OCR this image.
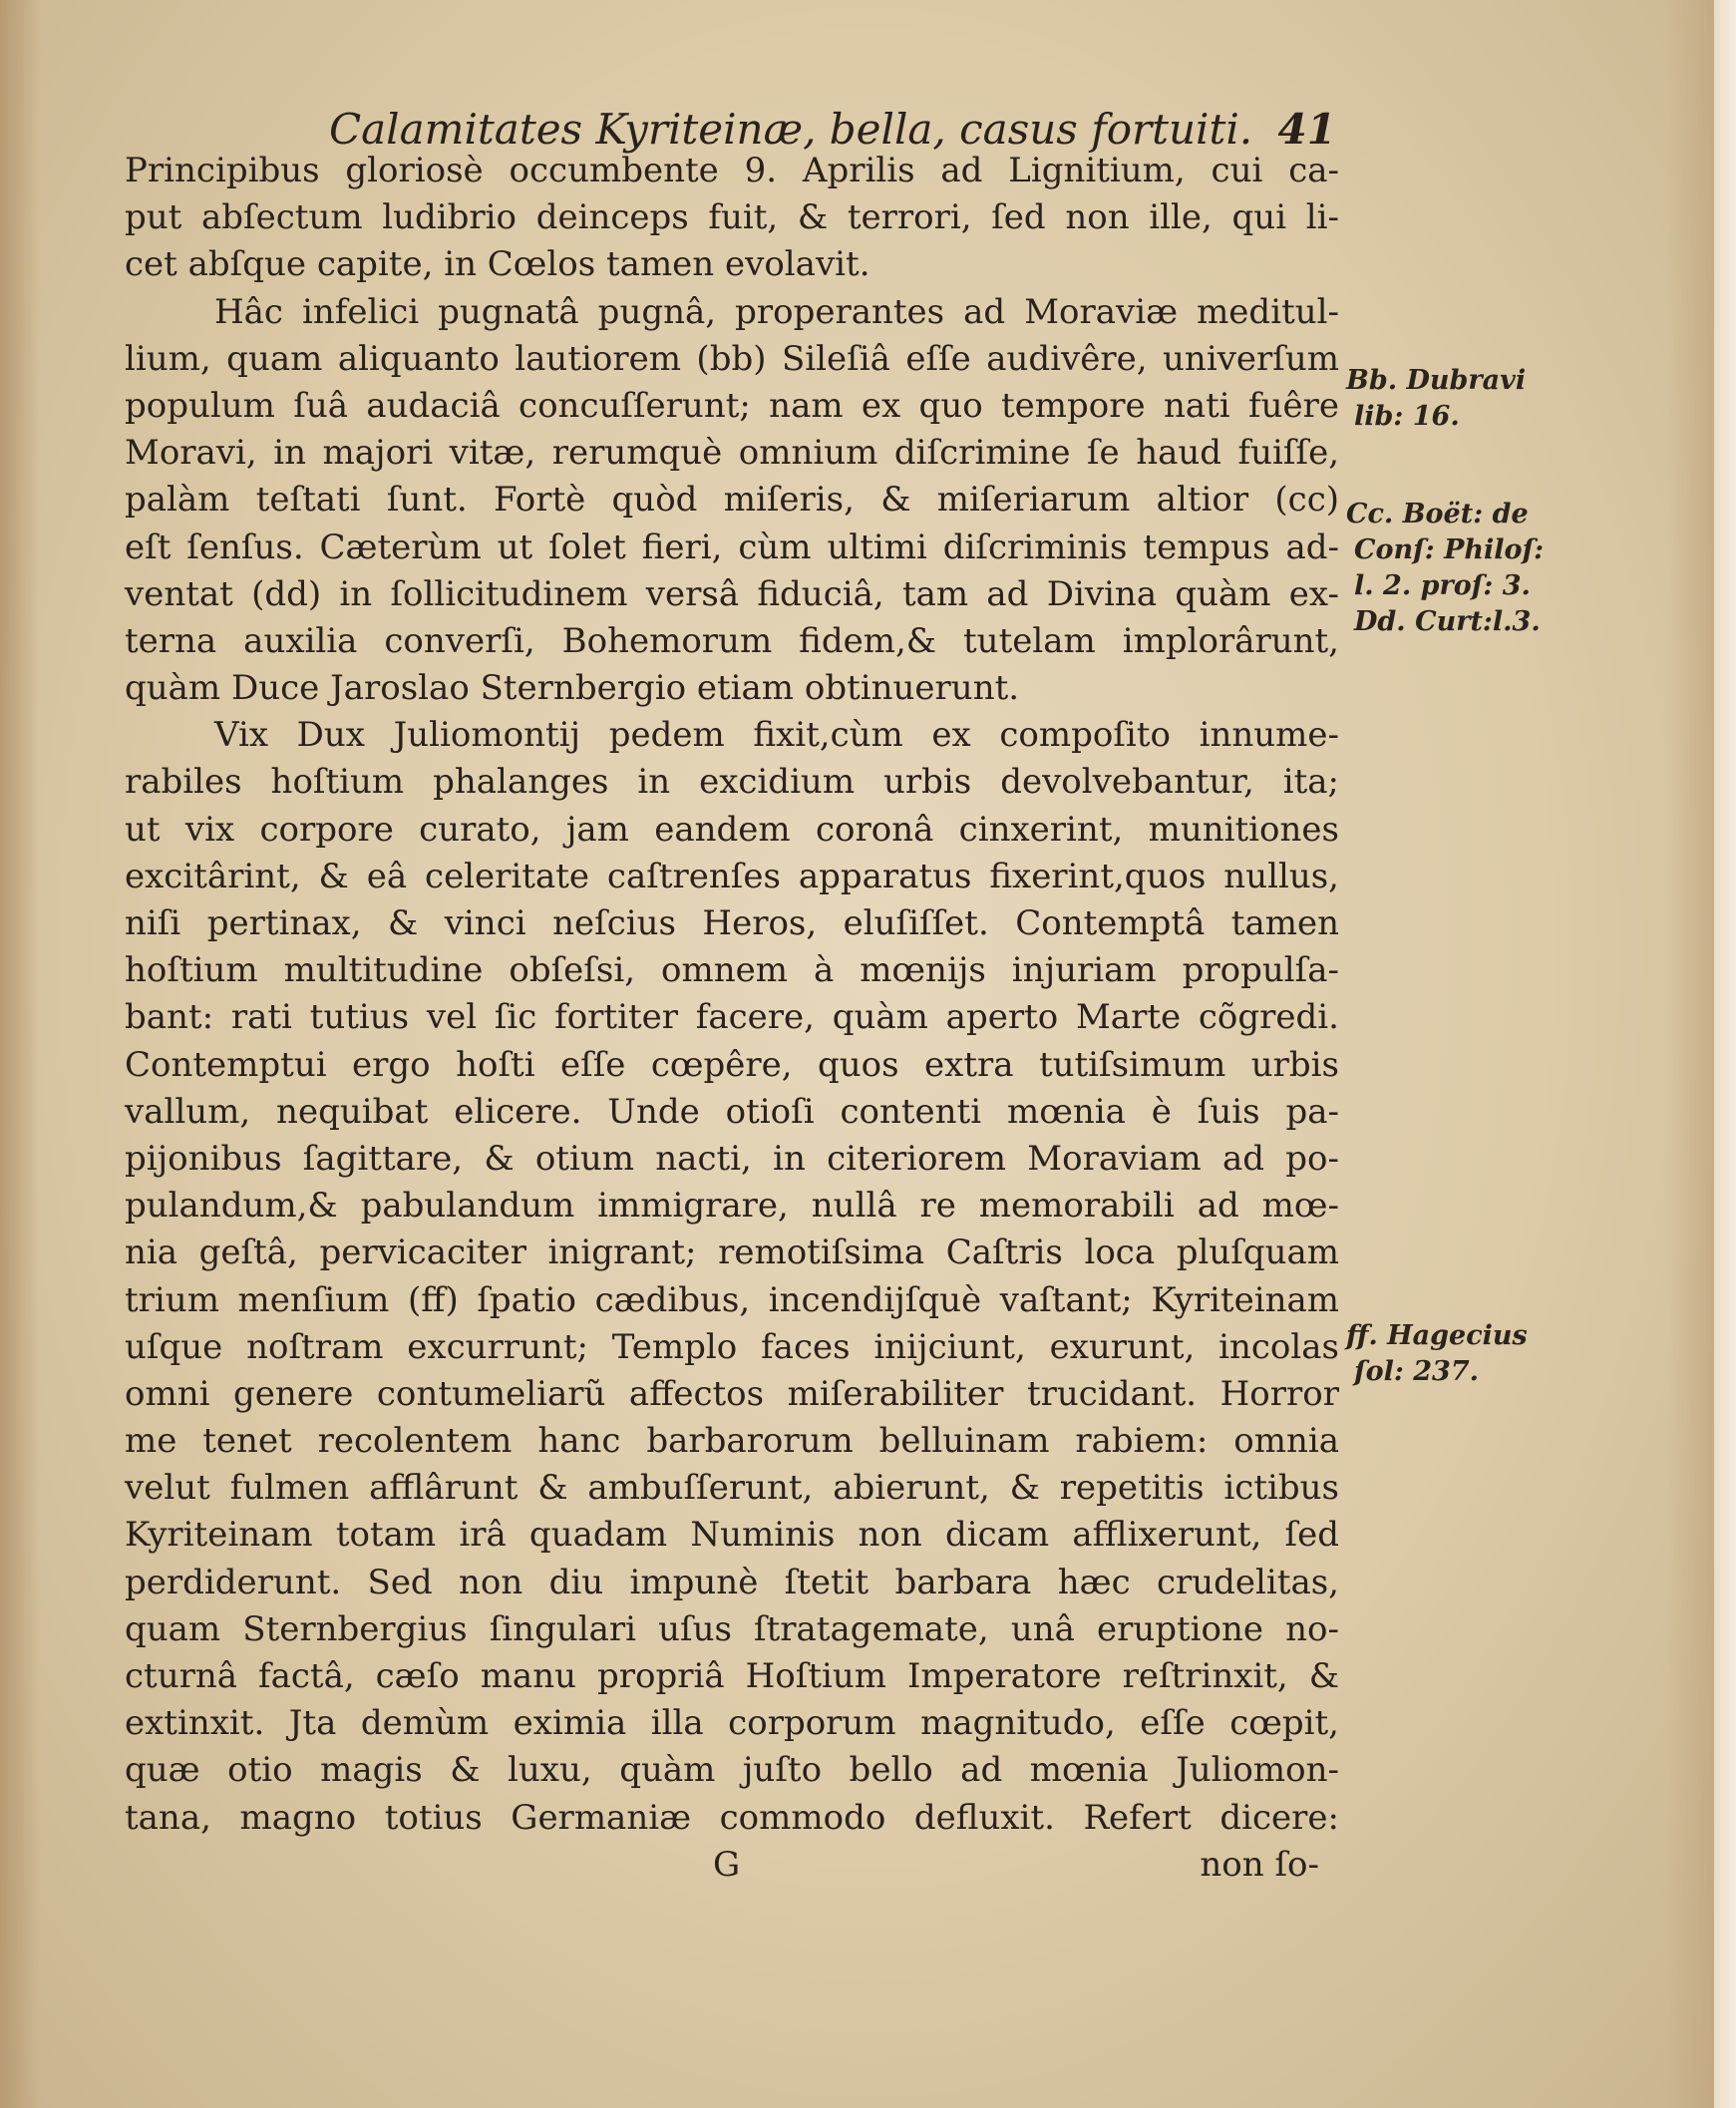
Calamitates Kyriteinæ, bella, casus fortuiti. 41
Principibus gloriosè occumbente 9. Aprilis ad Lignitium, cui ca-
put abſectum ludibrio deinceps fuit, & terrori, ſed non ille, qui li-
cet abſque capite, in Cœlos tamen evolavit.
Hâc infelici pugnatâ pugnâ, properantes ad Moraviæ meditul-
lium, quam aliquanto lautiorem (bb) Sileſiâ eſſe audivêre, univerſum
populum ſuâ audaciâ concuſſerunt; nam ex quo tempore nati fuêre
Moravi, in majori vitæ, rerumquè omnium diſcrimine ſe haud fuiſſe,
palàm teſtati ſunt. Fortè quòd miſeris, & miſeriarum altior (cc)
eſt ſenſus. Cæterùm ut ſolet fieri, cùm ultimi diſcriminis tempus ad-
ventat (dd) in ſollicitudinem versâ fiduciâ, tam ad Divina quàm ex-
terna auxilia converſi, Bohemorum fidem,& tutelam implorârunt,
quàm Duce Jaroslao Sternbergio etiam obtinuerunt.
Vix Dux Juliomontij pedem fixit,cùm ex compoſito innume-
rabiles hoſtium phalanges in excidium urbis devolvebantur, ita;
ut vix corpore curato, jam eandem coronâ cinxerint, munitiones
excitârint, & eâ celeritate caſtrenſes apparatus fixerint,quos nullus,
niſi pertinax, & vinci neſcius Heros, eluſiſſet. Contemptâ tamen
hoſtium multitudine obſeſsi, omnem à mœnijs injuriam propulſa-
bant: rati tutius vel ſic fortiter facere, quàm aperto Marte cõgredi.
Contemptui ergo hoſti eſſe cœpêre, quos extra tutiſsimum urbis
vallum, nequibat elicere. Unde otioſi contenti mœnia è ſuis pa-
pijonibus ſagittare, & otium nacti, in citeriorem Moraviam ad po-
pulandum,& pabulandum immigrare, nullâ re memorabili ad mœ-
nia geſtâ, pervicaciter inigrant; remotiſsima Caſtris loca pluſquam
trium menſium (ff) ſpatio cædibus, incendijſquè vaſtant; Kyriteinam
uſque noſtram excurrunt; Templo faces inijciunt, exurunt, incolas
omni genere contumeliarũ affectos miſerabiliter trucidant. Horror
me tenet recolentem hanc barbarorum belluinam rabiem: omnia
velut fulmen afflârunt & ambuſſerunt, abierunt, & repetitis ictibus
Kyriteinam totam irâ quadam Numinis non dicam afflixerunt, ſed
perdiderunt. Sed non diu impunè ſtetit barbara hæc crudelitas,
quam Sternbergius ſingulari uſus ſtratagemate, unâ eruptione no-
cturnâ factâ, cæſo manu propriâ Hoſtium Imperatore reſtrinxit, &
extinxit. Jta demùm eximia illa corporum magnitudo, eſſe cœpit,
quæ otio magis & luxu, quàm juſto bello ad mœnia Juliomon-
tana, magno totius Germaniæ commodo defluxit. Refert dicere:
G	non ſo-
Bb. Dubravi
lib: 16.
Cc. Boët: de
Conſ: Philoſ:
l. 2. proſ: 3.
Dd. Curt:l.3.
ff. Hagecius
ſol: 237.
